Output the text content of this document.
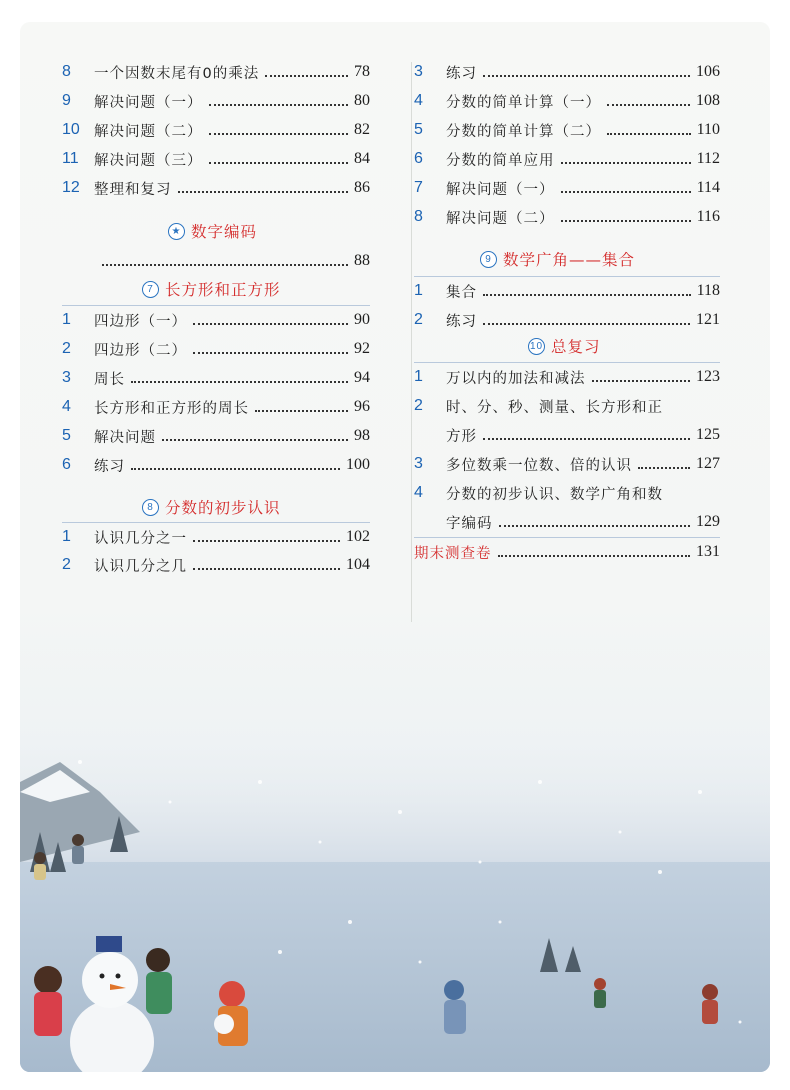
8	一个因数末尾有0的乘法	78
9	解决问题（一）	80
10 解决问题（二）	82
11	解决问题（三）	84
12 整理和复习	86
★ 数字编码
88
7 长方形和正方形
1	四边形（一）	90
2	四边形（二）	92
3	周长	94
4	长方形和正方形的周长	96
5	解决问题	98
6	练习	100
8 分数的初步认识
1	认识几分之一	102
2	认识几分之几	104
3	练习	106
4	分数的简单计算（一）	108
5	分数的简单计算（二）	110
6	分数的简单应用	112
7	解决问题（一）	114
8	解决问题（二）	116
9 数学广角——集合
1	集合	118
2	练习	121
10 总复习
1	万以内的加法和减法	123
2	时、分、秒、测量、长方形和正
方形	125
3	多位数乘一位数、倍的认识	127
4	分数的初步认识、数学广角和数
字编码	129
期末测查卷	131
